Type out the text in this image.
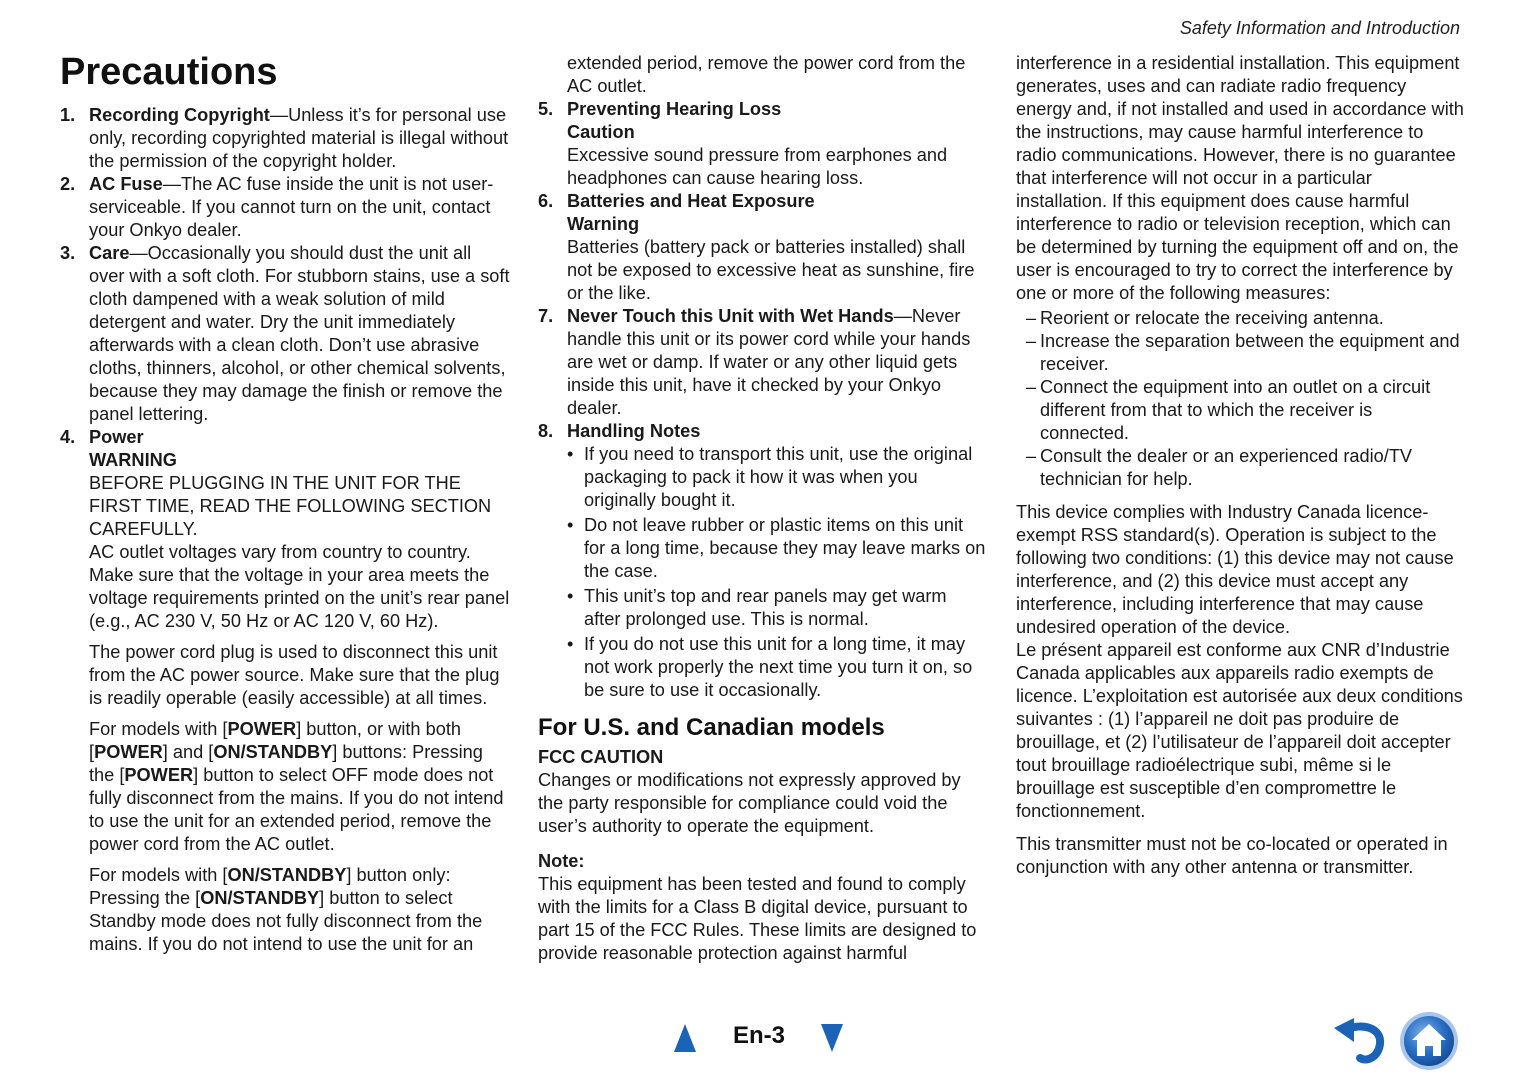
Safety Information and Introduction
Precautions
1. Recording Copyright—Unless it’s for personal use only, recording copyrighted material is illegal without the permission of the copyright holder.
2. AC Fuse—The AC fuse inside the unit is not user-serviceable. If you cannot turn on the unit, contact your Onkyo dealer.
3. Care—Occasionally you should dust the unit all over with a soft cloth. For stubborn stains, use a soft cloth dampened with a weak solution of mild detergent and water. Dry the unit immediately afterwards with a clean cloth. Don’t use abrasive cloths, thinners, alcohol, or other chemical solvents, because they may damage the finish or remove the panel lettering.
4. Power
WARNING
BEFORE PLUGGING IN THE UNIT FOR THE FIRST TIME, READ THE FOLLOWING SECTION CAREFULLY.
AC outlet voltages vary from country to country. Make sure that the voltage in your area meets the voltage requirements printed on the unit’s rear panel (e.g., AC 230 V, 50 Hz or AC 120 V, 60 Hz).
The power cord plug is used to disconnect this unit from the AC power source. Make sure that the plug is readily operable (easily accessible) at all times.
For models with [POWER] button, or with both [POWER] and [ON/STANDBY] buttons: Pressing the [POWER] button to select OFF mode does not fully disconnect from the mains. If you do not intend to use the unit for an extended period, remove the power cord from the AC outlet.
For models with [ON/STANDBY] button only: Pressing the [ON/STANDBY] button to select Standby mode does not fully disconnect from the mains. If you do not intend to use the unit for an
extended period, remove the power cord from the AC outlet.
5. Preventing Hearing Loss
Caution
Excessive sound pressure from earphones and headphones can cause hearing loss.
6. Batteries and Heat Exposure
Warning
Batteries (battery pack or batteries installed) shall not be exposed to excessive heat as sunshine, fire or the like.
7. Never Touch this Unit with Wet Hands—Never handle this unit or its power cord while your hands are wet or damp. If water or any other liquid gets inside this unit, have it checked by your Onkyo dealer.
8. Handling Notes
• If you need to transport this unit, use the original packaging to pack it how it was when you originally bought it.
• Do not leave rubber or plastic items on this unit for a long time, because they may leave marks on the case.
• This unit’s top and rear panels may get warm after prolonged use. This is normal.
• If you do not use this unit for a long time, it may not work properly the next time you turn it on, so be sure to use it occasionally.
For U.S. and Canadian models
FCC CAUTION
Changes or modifications not expressly approved by the party responsible for compliance could void the user’s authority to operate the equipment.
Note:
This equipment has been tested and found to comply with the limits for a Class B digital device, pursuant to part 15 of the FCC Rules. These limits are designed to provide reasonable protection against harmful
interference in a residential installation. This equipment generates, uses and can radiate radio frequency energy and, if not installed and used in accordance with the instructions, may cause harmful interference to radio communications. However, there is no guarantee that interference will not occur in a particular installation. If this equipment does cause harmful interference to radio or television reception, which can be determined by turning the equipment off and on, the user is encouraged to try to correct the interference by one or more of the following measures:
– Reorient or relocate the receiving antenna.
– Increase the separation between the equipment and receiver.
– Connect the equipment into an outlet on a circuit different from that to which the receiver is connected.
– Consult the dealer or an experienced radio/TV technician for help.
This device complies with Industry Canada licence-exempt RSS standard(s). Operation is subject to the following two conditions: (1) this device may not cause interference, and (2) this device must accept any interference, including interference that may cause undesired operation of the device.
Le présent appareil est conforme aux CNR d’Industrie Canada applicables aux appareils radio exempts de licence. L’exploitation est autorisée aux deux conditions suivantes : (1) l’appareil ne doit pas produire de brouillage, et (2) l’utilisateur de l’appareil doit accepter tout brouillage radioélectrique subi, même si le brouillage est susceptible d’en compromettre le fonctionnement.
This transmitter must not be co-located or operated in conjunction with any other antenna or transmitter.
En-3
